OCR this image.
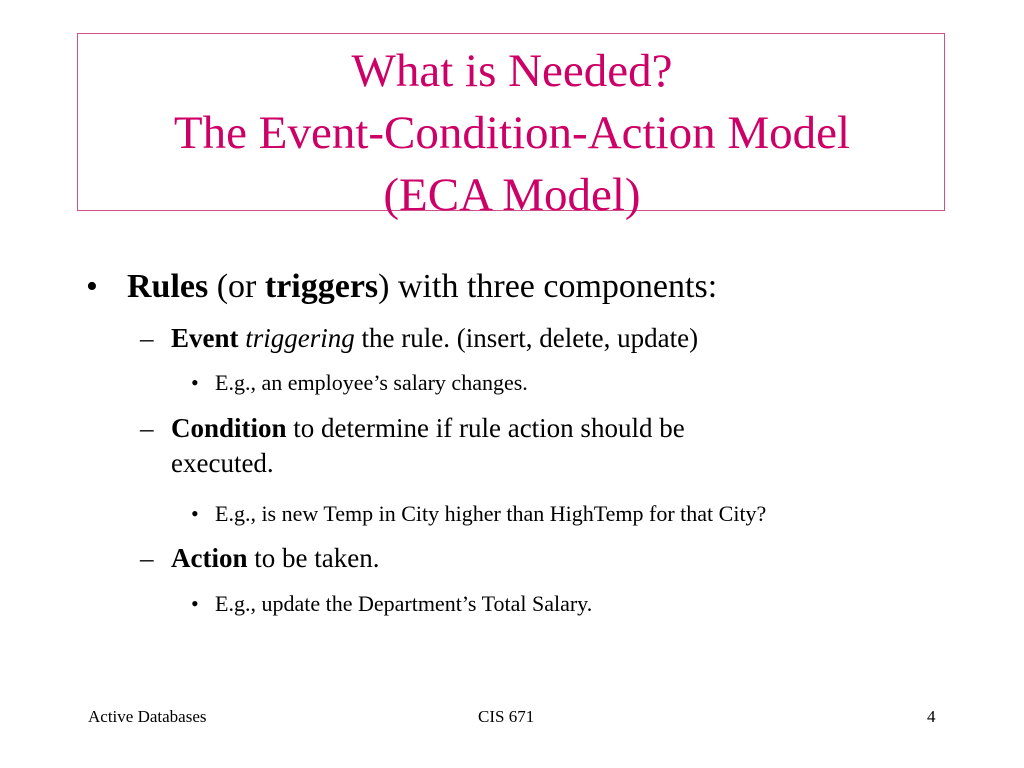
What is Needed?
The Event-Condition-Action Model
(ECA Model)
• Rules (or triggers) with three components:
– Event triggering the rule. (insert, delete, update)
• E.g., an employee’s salary changes.
– Condition to determine if rule action should be
executed.
• E.g., is new Temp in City higher than HighTemp for that City?
– Action to be taken.
• E.g., update the Department’s Total Salary.
Active Databases	CIS 671	4
